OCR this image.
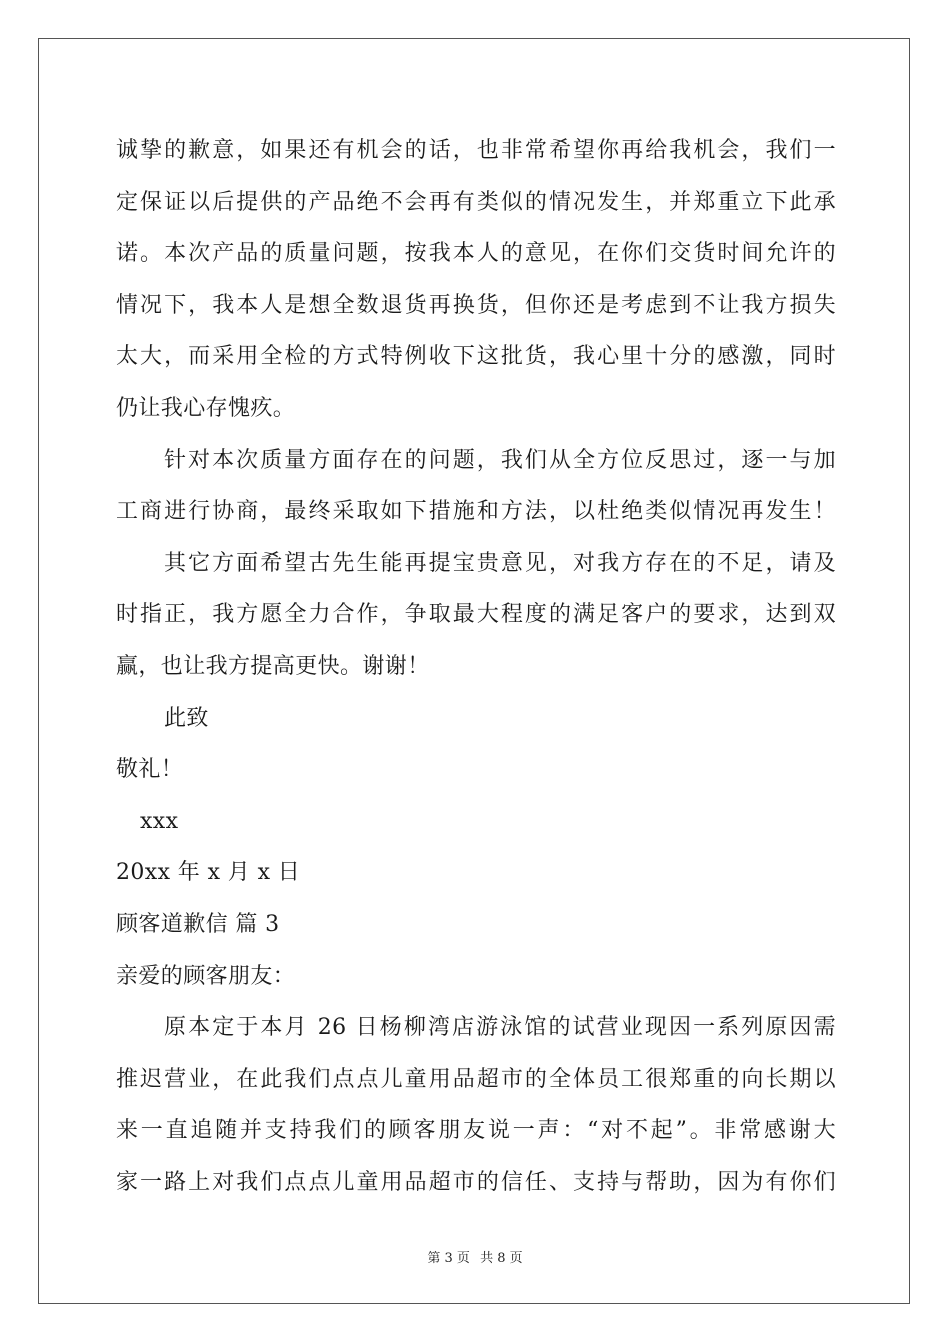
诚挚的歉意，如果还有机会的话，也非常希望你再给我机会，我们一
定保证以后提供的产品绝不会再有类似的情况发生，并郑重立下此承
诺。本次产品的质量问题，按我本人的意见，在你们交货时间允许的
情况下，我本人是想全数退货再换货，但你还是考虑到不让我方损失
太大，而采用全检的方式特例收下这批货，我心里十分的感激，同时
仍让我心存愧疚。
针对本次质量方面存在的问题，我们从全方位反思过，逐一与加
工商进行协商，最终采取如下措施和方法，以杜绝类似情况再发生！
其它方面希望古先生能再提宝贵意见，对我方存在的不足，请及
时指正，我方愿全力合作，争取最大程度的满足客户的要求，达到双
赢，也让我方提高更快。谢谢！
此致
敬礼！
xxx
20xx 年 x 月 x 日
顾客道歉信 篇 3
亲爱的顾客朋友：
原本定于本月 26 日杨柳湾店游泳馆的试营业现因一系列原因需
推迟营业，在此我们点点儿童用品超市的全体员工很郑重的向长期以
来一直追随并支持我们的顾客朋友说一声：“对不起”。非常感谢大
家一路上对我们点点儿童用品超市的信任、支持与帮助，因为有你们
第 3 页 共 8 页
